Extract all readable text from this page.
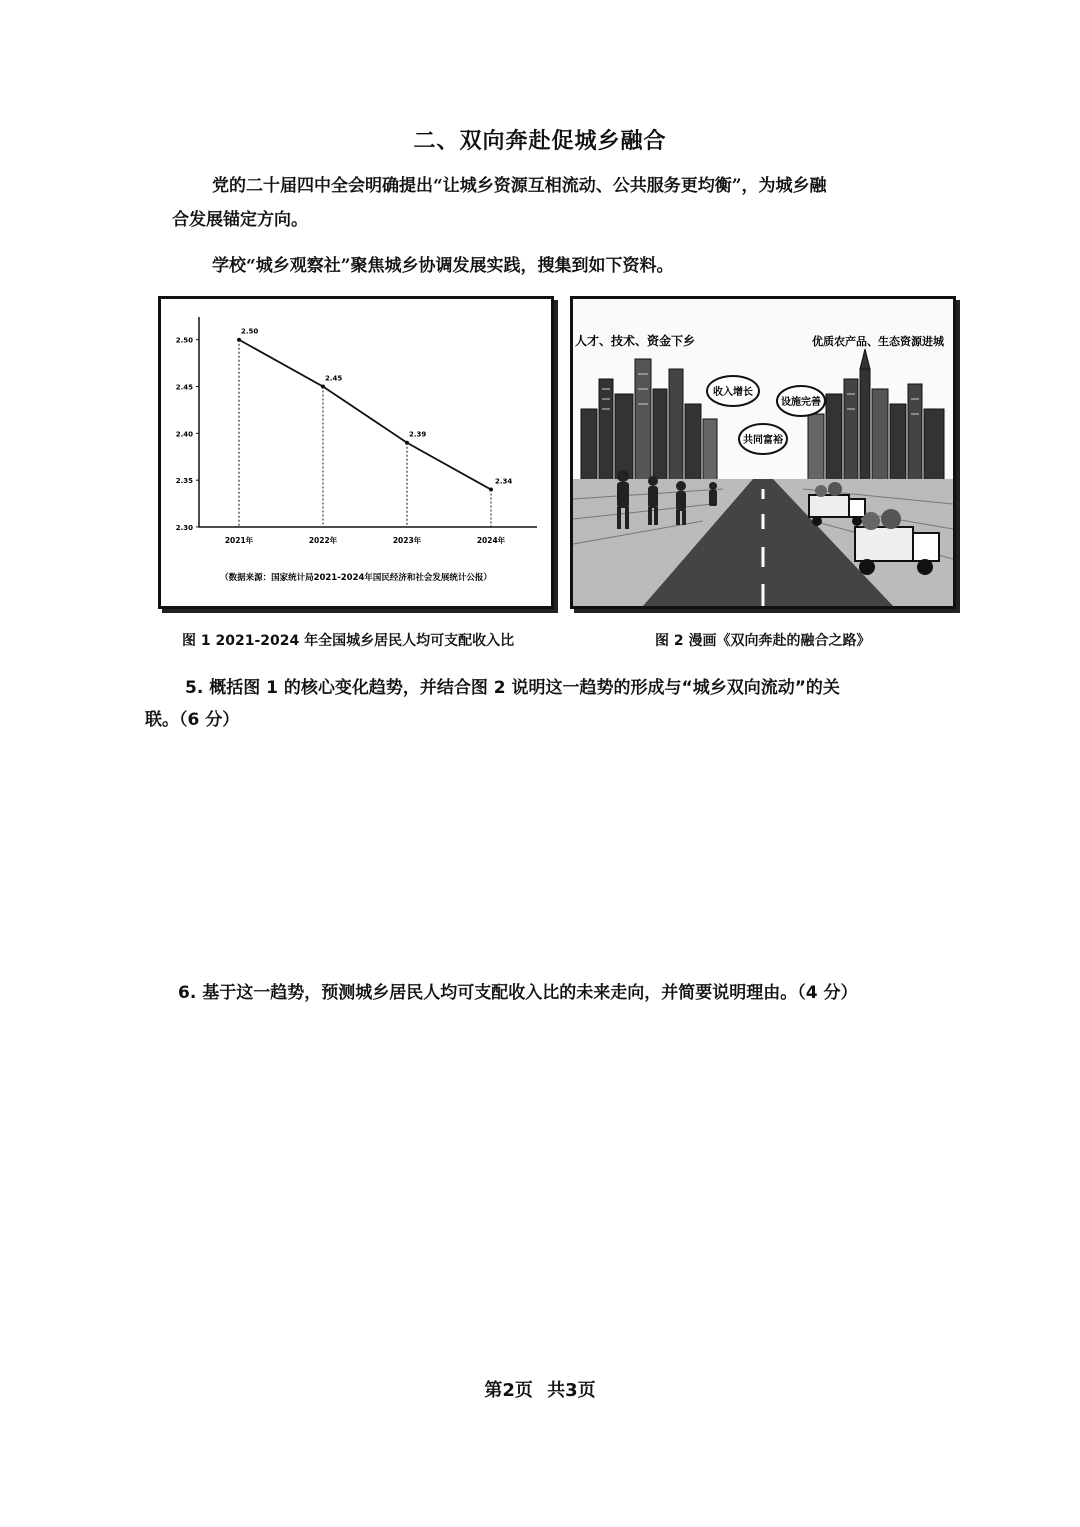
二、双向奔赴促城乡融合
党的二十届四中全会明确提出“让城乡资源互相流动、公共服务更均衡”，为城乡融
合发展锚定方向。
学校“城乡观察社”聚焦城乡协调发展实践，搜集到如下资料。
2.50
2.45
2.40
2.35
2.30
2021年	2022年	2023年	2024年
2.50
2.45
2.39
2.34
（数据来源：国家统计局2021-2024年国民经济和社会发展统计公报）
人才、技术、资金下乡	优质农产品、生态资源进城
收入增长
设施完善
共同富裕
图 1 2021-2024 年全国城乡居民人均可支配收入比	图 2 漫画《双向奔赴的融合之路》
5. 概括图 1 的核心变化趋势，并结合图 2 说明这一趋势的形成与“城乡双向流动”的关
联。（6 分）
6. 基于这一趋势，预测城乡居民人均可支配收入比的未来走向，并简要说明理由。（4 分）
第2页 共3页
